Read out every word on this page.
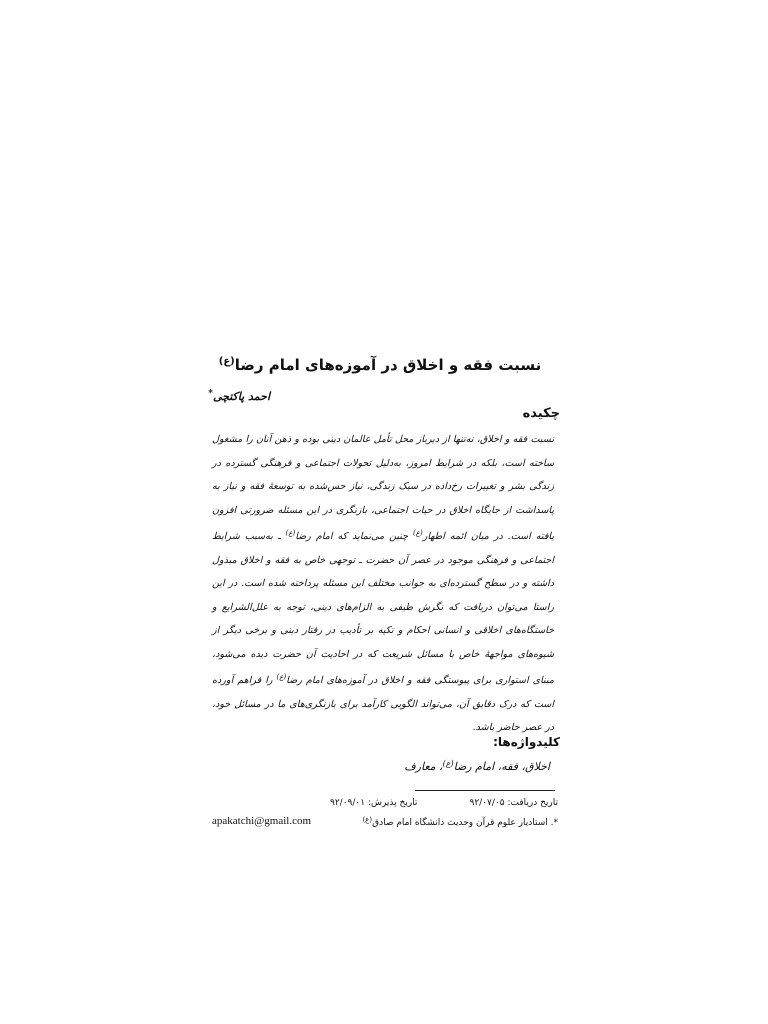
نسبت فقه و اخلاق در آموزه‌های امام رضا$^{(ع)}$
احمد پاکتچی*
چکیده
نسبت فقه و اخلاق، نه‌تنها از دیرباز محل تأمل عالمان دینی بوده و ذهن آنان را مشغول ساخته است، بلکه در شرایط امروز، به‌دلیل تحولات اجتماعی و فرهنگی گسترده در زندگی بشر و تغییرات رخ‌داده در سبک زندگی، نیاز حس‌شده به توسعهٔ فقه و نیاز به پاسداشت از جایگاه اخلاق در حیات اجتماعی، بازنگری در این مسئله ضرورتی افزون یافته است. در میان ائمه اطهار$^{(ع)}$ چنین می‌نماید که امام رضا$^{(ع)}$ ـ به‌سبب شرایط اجتماعی و فرهنگی موجود در عصر آن حضرت ـ توجهی خاص به فقه و اخلاق مبذول داشته و در سطح گسترده‌ای به جوانب مختلف این مسئله پرداخته شده است. در این راستا می‌توان دریافت که نگرش طیفی به الزام‌های دینی، توجه به علل‌الشرایع و خاستگاه‌های اخلاقی و انسانی احکام و تکیه بر تأدیب در رفتار دینی و برخی دیگر از شیوه‌های مواجههٔ خاص با مسائل شریعت که در احادیث آن حضرت دیده می‌شود، مبنای استواری برای پیوستگی فقه و اخلاق در آموزه‌های امام رضا$^{(ع)}$ را فراهم آورده است که درک دقایق آن، می‌تواند الگویی کارآمد برای بازنگری‌های ما در مسائل خود، در عصر حاضر باشد.
کلیدواژه‌ها:
اخلاق، فقه، امام رضا$^{(ع)}$، معارف
تاریخ دریافت: ۹۲/۰۷/۰۵
تاریخ پذیرش: ۹۲/۰۹/۰۱
*. استادیار علوم قرآن وحدیث دانشگاه امام صادق$^{(ع)}$
apakatchi@gmail.com
